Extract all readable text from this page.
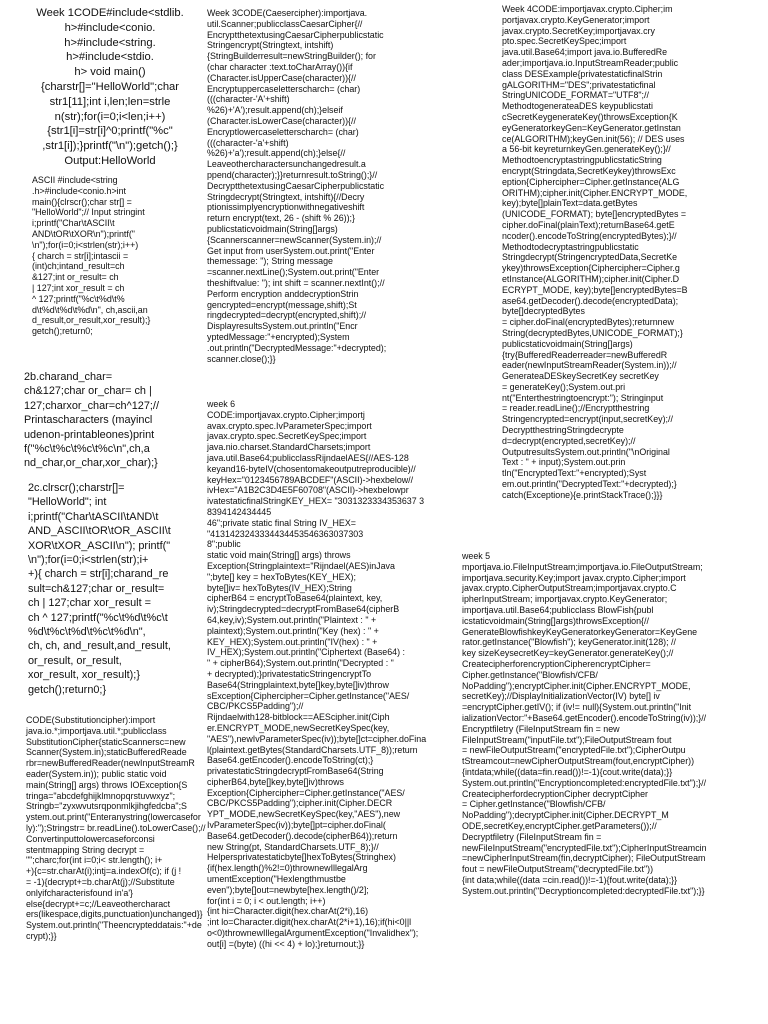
Week 1CODE#include<stdlib.
h>#include<conio.
h>#include<string.
h>#include<stdio.
h> void main()
{charstr[]="HelloWorld";char
str1[11];int i,len;len=strle
n(str);for(i=0;i<len;i++)
{str1[i]=str[i]^0;printf("%c"
,str1[i]);}printf("\n");getch();}
Output:HelloWorld

ASCII #include<string
.h>#include<conio.h>int
main(){clrscr();char str[] =
"HelloWorld";// Input stringint
i;printf("Char\tASCII\t
AND\tOR\tXOR\n");printf("
\n");for(i=0;i<strlen(str);i++)
{ charch = str[i];intascii =
(int)ch;intand_result=ch
&127;int or_result= ch
| 127;int xor_result = ch
^ 127;printf("%c\t%d\t%
d\t%d\t%d\t%d\n", ch,ascii,an
d_result,or_result,xor_result);}
getch();return0;

2b.charand_char=
ch&127;char or_char= ch |
127;charxor_char=ch^127;//
Printascharacters (mayincl
udenon-printableones)print
f("%c\t%c\t%c\t%c\n",ch,a
nd_char,or_char,xor_char);}

2c.clrscr();charstr[]=
"HelloWorld"; int
i;printf("Char\tASCII\tAND\t
AND_ASCII\tOR\tOR_ASCII\t
XOR\tXOR_ASCII\n"); printf("
\n");for(i=0;i<strlen(str);i+
+){ charch = str[i];charand_re
sult=ch&127;char or_result=
ch | 127;char xor_result =
ch ^ 127;printf("%c\t%d\t%c\t
%d\t%c\t%d\t%c\t%d\n",
ch, ch, and_result,and_result,
or_result, or_result,
xor_result, xor_result);}
getch();return0;}

CODE(Substitutioncipher):import
java.io.*;importjava.util.*;publicclass
SubstitutionCipher{staticScannersc=new
Scanner(System.in);staticBufferedReade
rbr=newBufferedReader(newInputStreamR
eader(System.in)); public static void
main(String[] args) throws IOException{S
tringa="abcdefghijklmnopqrstuvwxyz";
Stringb="zyxwvutsrqponmlkjihgfedcba";S
ystem.out.print("Enteranystring(lowercasefor
ly):");Stringstr= br.readLine().toLowerCase();//
Convertinputtolowercaseforconsi
stentmapping String decrypt =
"";charc;for(int i=0;i< str.length(); i+
+){c=str.charAt(i);intj=a.indexOf(c); if (j !
= -1){decrypt+=b.charAt(j);//Substitute
onlyifcharacterisfound in'a'}
else{decrypt+=c;//Leaveothercharact
ers(likespace,digits,punctuation)unchanged}}
System.out.println("Theencrypteddatais:"+de
crypt);}}

Week 3CODE(Caesercipher):importjava.
util.Scanner;publicclassCaesarCipher{//
EncryptthetextusingCaesarCipherpublicstatic
Stringencrypt(Stringtext, intshift)
{StringBuilderresult=newStringBuilder(); for
(char character :text.toCharArray()){if
(Character.isUpperCase(character)){//
Encryptuppercaseletterscharch= (char)
(((character-'A'+shift)
%26)+'A');result.append(ch);}elseif
(Character.isLowerCase(character)){//
Encryptlowercaseletterscharch= (char)
(((character-'a'+shift)
%26)+'a');result.append(ch);}else{//
Leaveothercharactersunchangedresult.a
ppend(character);}}returnresult.toString();}//
DecryptthetextusingCaesarCipherpublicstatic
Stringdecrypt(Stringtext, intshift){//Decry
ptionissimplyencryptionwithnegativeshift
return encrypt(text, 26 - (shift % 26));}
publicstaticvoidmain(String[]args)
{Scannerscanner=newScanner(System.in);//
Get input from userSystem.out.print("Enter
themessage: "); String message
=scanner.nextLine();System.out.print("Enter
theshiftvalue: "); int shift = scanner.nextInt();//
Perform encryption anddecryptionStrin
gencrypted=encrypt(message,shift);St
ringdecrypted=decrypt(encrypted,shift);//
DisplayresultsSystem.out.println("Encr
yptedMessage:"+encrypted);System
.out.println("DecryptedMessage:"+decrypted);
scanner.close();}}

week 6
CODE:importjavax.crypto.Cipher;importj
avax.crypto.spec.IvParameterSpec;import
javax.crypto.spec.SecretKeySpec;import
java.nio.charset.StandardCharsets;import
java.util.Base64;publicclassRijndaelAES{//AES-128
keyand16-byteIV(chosentomakeoutputreproducible)//
keyHex="0123456789ABCDEF"(ASCII)->hexbelow//
ivHex="A1B2C3D4E5F60708"(ASCII)->hexbelowpr
ivatestaticfinalStringKEY_HEX= "3031323334353637 3
8394142434445
46";private static final String IV_HEX=
"4131423243334434453546363037303
8";public
static void main(String[] args) throws
Exception{Stringplaintext="Rijndael(AES)inJava
";byte[] key = hexToBytes(KEY_HEX);
byte[]iv= hexToBytes(IV_HEX);String
cipherB64 = encryptToBase64(plaintext, key,
iv);Stringdecrypted=decryptFromBase64(cipherB
64,key,iv);System.out.println("Plaintext : " +
plaintext);System.out.println("Key (hex) : " +
KEY_HEX);System.out.println("IV(hex) : " +
IV_HEX);System.out.println("Ciphertext (Base64) :
" + cipherB64);System.out.println("Decrypted : "
+ decrypted);}privatestaticStringencryptTo
Base64(Stringplaintext,byte[]key,byte[]iv)throw
sException{Ciphercipher=Cipher.getInstance("AES/
CBC/PKCS5Padding");//
Rijndaelwith128-bitblock==AEScipher.init(Ciph
er.ENCRYPT_MODE,newSecretKeySpec(key,
"AES"),newIvParameterSpec(iv));byte[]ct=cipher.doFina
l(plaintext.getBytes(StandardCharsets.UTF_8));return
Base64.getEncoder().encodeToString(ct);}
privatestaticStringdecryptFromBase64(String
cipherB64,byte[]key,byte[]iv)throws
Exception{Ciphercipher=Cipher.getInstance("AES/
CBC/PKCS5Padding");cipher.init(Cipher.DECR
YPT_MODE,newSecretKeySpec(key,"AES"),new
IvParameterSpec(iv));byte[]pt=cipher.doFinal(
Base64.getDecoder().decode(cipherB64));return
new String(pt, StandardCharsets.UTF_8);}//
Helpersprivatestaticbyte[]hexToBytes(Stringhex)
{if(hex.length()%2!=0)thrownewIllegalArg
umentException("Hexlengthmustbe
even");byte[]out=newbyte[hex.length()/2];
for(int i = 0; i < out.length; i++)
{int hi=Character.digit(hex.charAt(2*i),16)
;int lo=Character.digit(hex.charAt(2*i+1),16);if(hi<0||l
o<0)thrownewIllegalArgumentException("Invalidhex");
out[i] =(byte) ((hi << 4) + lo);}returnout;}}

Week 4CODE:importjavax.crypto.Cipher;im
portjavax.crypto.KeyGenerator;import
javax.crypto.SecretKey;importjavax.cry
pto.spec.SecretKeySpec;import
java.util.Base64;import java.io.BufferedRe
ader;importjava.io.InputStreamReader;public
class DESExample{privatestaticfinalStrin
gALGORITHM="DES";privatestaticfinal
StringUNICODE_FORMAT="UTF8";//
MethodtogenerateaDES keypublicstati
cSecretKeygenerateKey()throwsException{K
eyGeneratorkeyGen=KeyGenerator.getInstan
ce(ALGORITHM);keyGen.init(56); // DES uses
a 56-bit keyreturnkeyGen.generateKey();}//
MethodtoencryptastringpublicstaticString
encrypt(Stringdata,SecretKeykey)throwsExc
eption{Ciphercipher=Cipher.getInstance(ALG
ORITHM);cipher.init(Cipher.ENCRYPT_MODE,
key);byte[]plainText=data.getBytes
(UNICODE_FORMAT); byte[]encryptedBytes =
cipher.doFinal(plainText);returnBase64.getE
ncoder().encodeToString(encryptedBytes);}//
Methodtodecryptastringpublicstatic
Stringdecrypt(StringencryptedData,SecretKe
ykey)throwsException{Ciphercipher=Cipher.g
etInstance(ALGORITHM);cipher.init(Cipher.D
ECRYPT_MODE, key);byte[]encryptedBytes=B
ase64.getDecoder().decode(encryptedData);
byte[]decryptedBytes
= cipher.doFinal(encryptedBytes);returnnew
String(decryptedBytes,UNICODE_FORMAT);}
publicstaticvoidmain(String[]args)
{try{BufferedReaderreader=newBufferedR
eader(newInputStreamReader(System.in));//
GenerateaDESkeySecretKey secretKey
= generateKey();System.out.pri
nt("Enterthestringtoencrypt:"); Stringinput
= reader.readLine();//Encryptthestring
Stringencrypted=encrypt(input,secretKey);//
DecryptthestringStringdecrypte
d=decrypt(encrypted,secretKey);//
OutputresultsSystem.out.println("\nOriginal
Text : " + input);System.out.prin
tln("EncryptedText:"+encrypted);Syst
em.out.println("DecryptedText:"+decrypted);}
catch(Exceptione){e.printStackTrace();}}}

week 5
mportjava.io.FileInputStream;importjava.io.FileOutputStream;
importjava.security.Key;import javax.crypto.Cipher;import
javax.crypto.CipherOutputStream;importjavax.crypto.C
ipherInputStream; importjavax.crypto.KeyGenerator;
importjava.util.Base64;publicclass BlowFish{publ
icstaticvoidmain(String[]args)throwsException{//
GenerateBlowfishkeyKeyGeneratorkeyGenerator=KeyGene
rator.getInstance("Blowfish"); keyGenerator.init(128); //
key sizeKeysecretKey=keyGenerator.generateKey();//
CreatecipherforencryptionCipherencryptCipher=
Cipher.getInstance("Blowfish/CFB/
NoPadding");encryptCipher.init(Cipher.ENCRYPT_MODE,
secretKey);//DisplayInitializationVector(IV) byte[] iv
=encryptCipher.getIV(); if (iv!= null){System.out.println("Init
ializationVector:"+Base64.getEncoder().encodeToString(iv));}//
Encryptfiletry (FileInputStream fin = new
FileInputStream("inputFile.txt");FileOutputStream fout
= newFileOutputStream("encryptedFile.txt");CipherOutpu
tStreamcout=newCipherOutputStream(fout,encryptCipher))
{intdata;while((data=fin.read())!=-1){cout.write(data);}}
System.out.println("Encryptioncompleted:encryptedFile.txt");}//
CreatecipherfordecryptionCipher decryptCipher
= Cipher.getInstance("Blowfish/CFB/
NoPadding");decryptCipher.init(Cipher.DECRYPT_M
ODE,secretKey,encryptCipher.getParameters());//
Decryptfiletry (FileInputStream fin =
newFileInputStream("encryptedFile.txt");CipherInputStreamcin
=newCipherInputStream(fin,decryptCipher); FileOutputStream
fout = newFileOutputStream("decryptedFile.txt"))
{int data;while((data =cin.read())!=-1){fout.write(data);}}
System.out.println("Decryptioncompleted:decryptedFile.txt");}}
